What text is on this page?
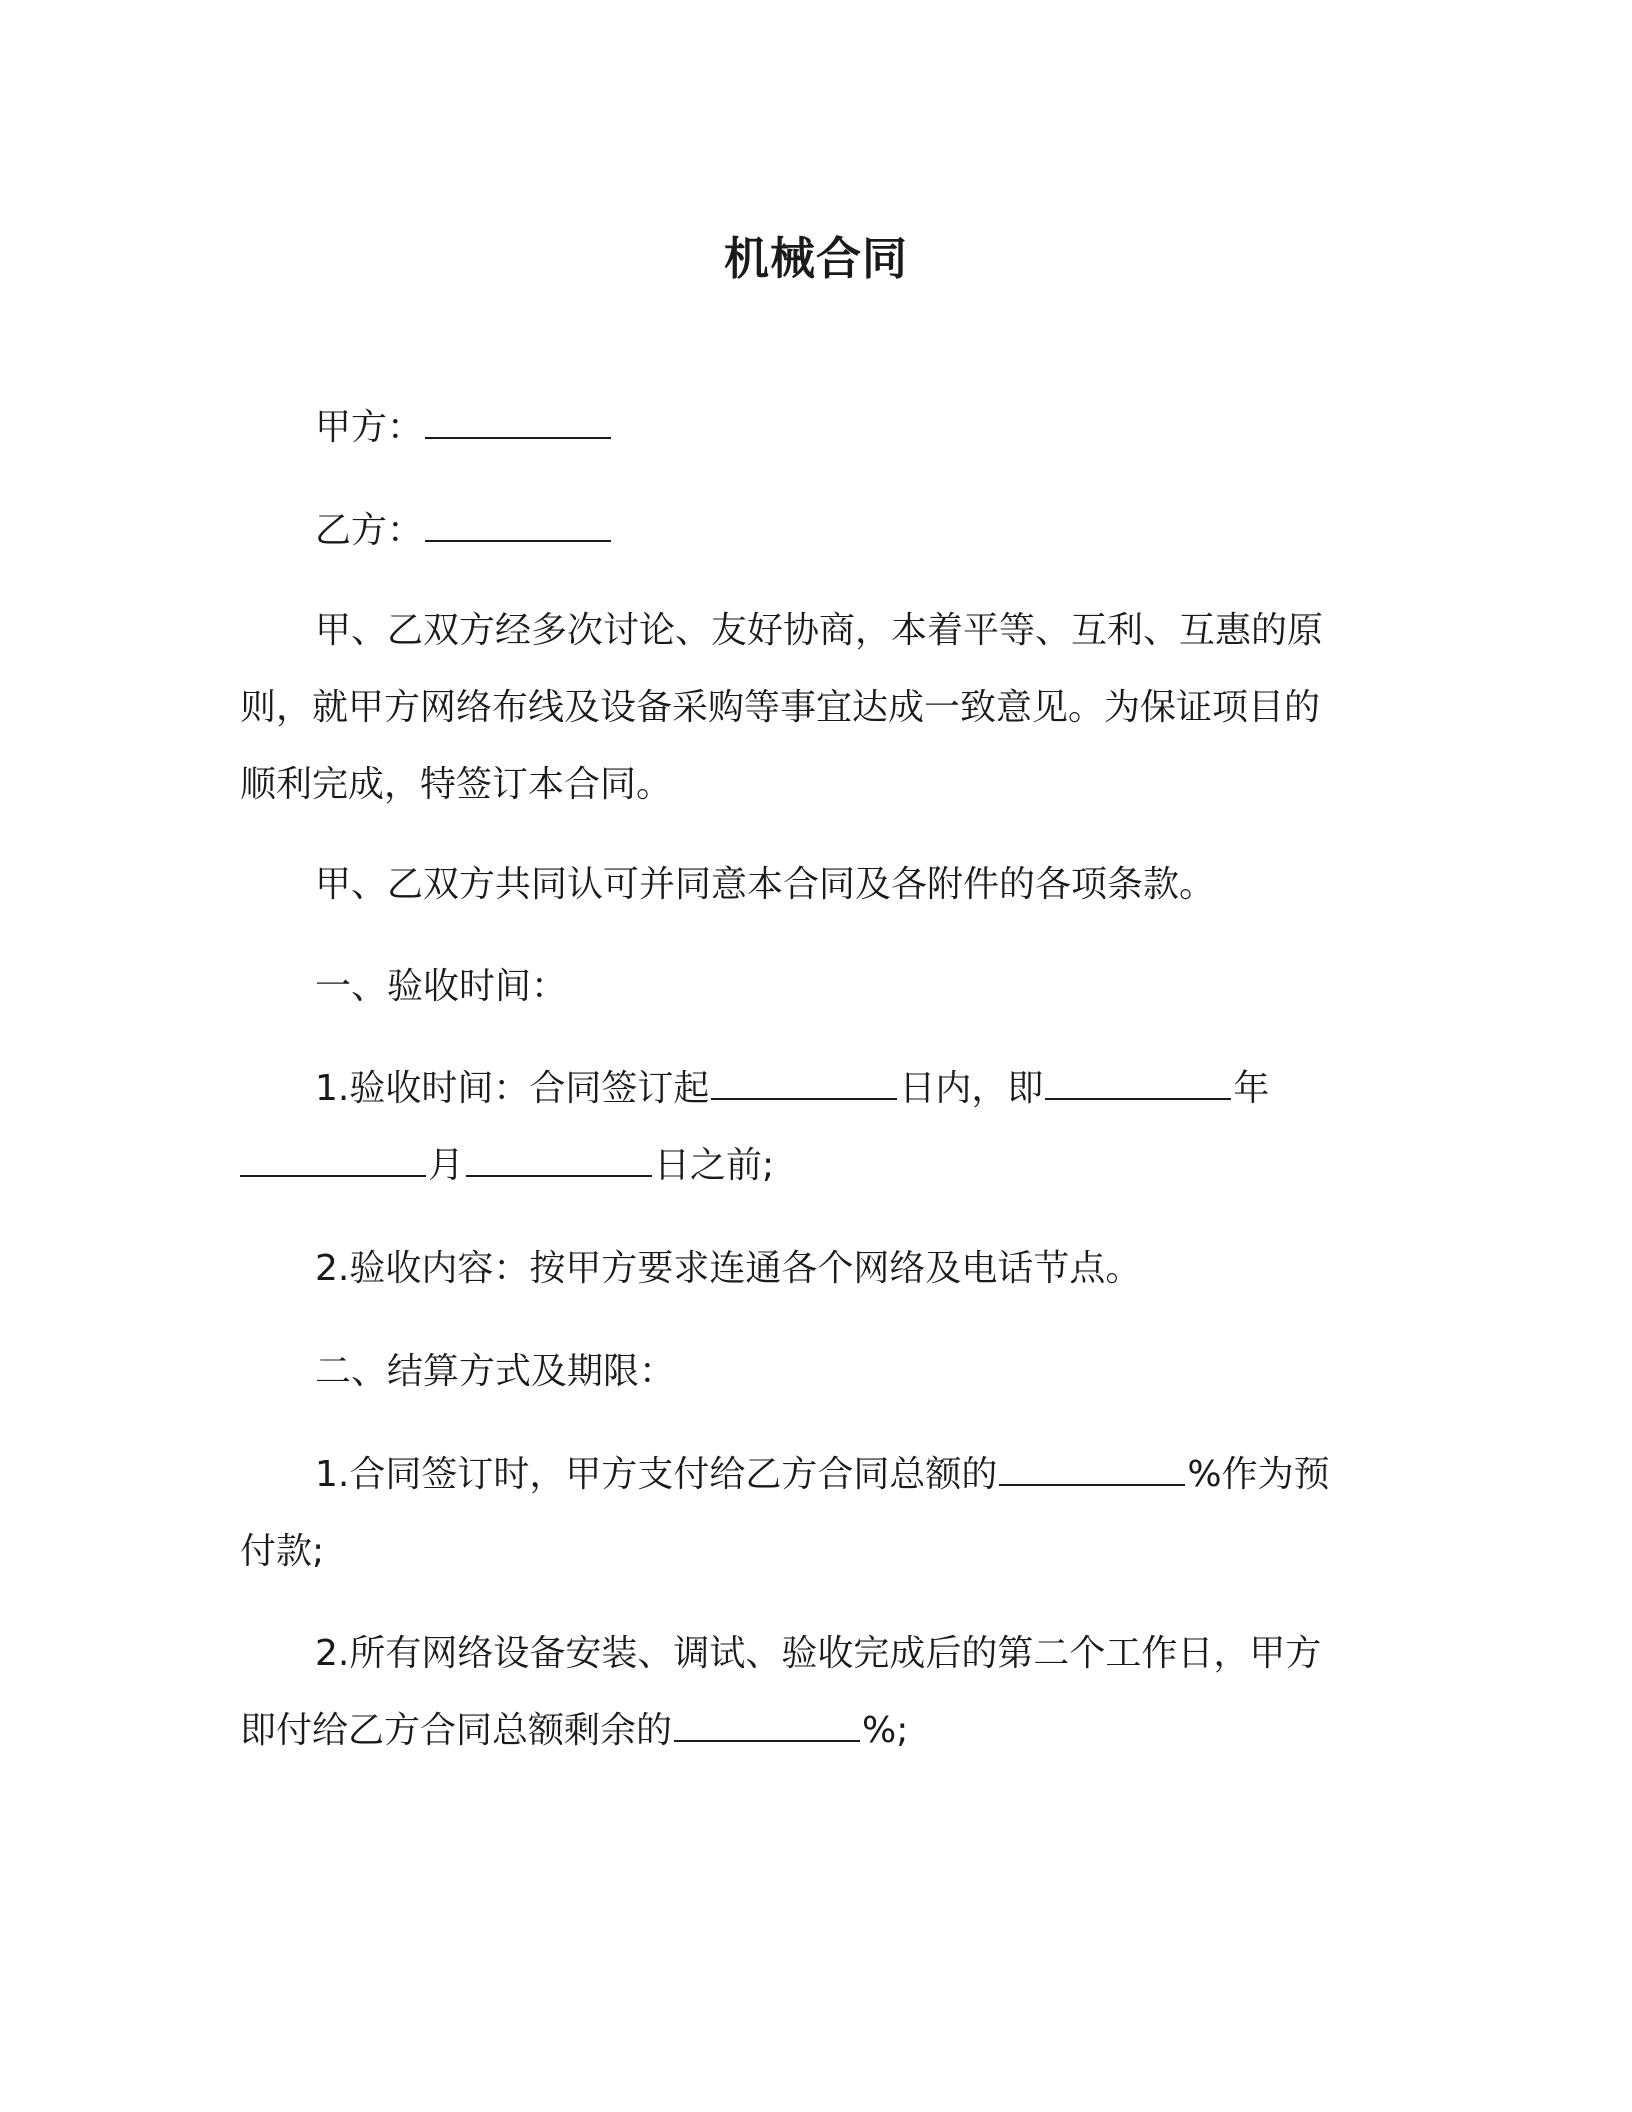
机械合同

甲方：

乙方：

甲、乙双方经多次讨论、友好协商，本着平等、互利、互惠的原
则，就甲方网络布线及设备采购等事宜达成一致意见。为保证项目的
顺利完成，特签订本合同。

甲、乙双方共同认可并同意本合同及各附件的各项条款。

一、验收时间：

1.验收时间：合同签订起	日内，即	年
月	日之前;

2.验收内容：按甲方要求连通各个网络及电话节点。

二、结算方式及期限：

1.合同签订时，甲方支付给乙方合同总额的	%作为预
付款;

2.所有网络设备安装、调试、验收完成后的第二个工作日，甲方
即付给乙方合同总额剩余的	%;
